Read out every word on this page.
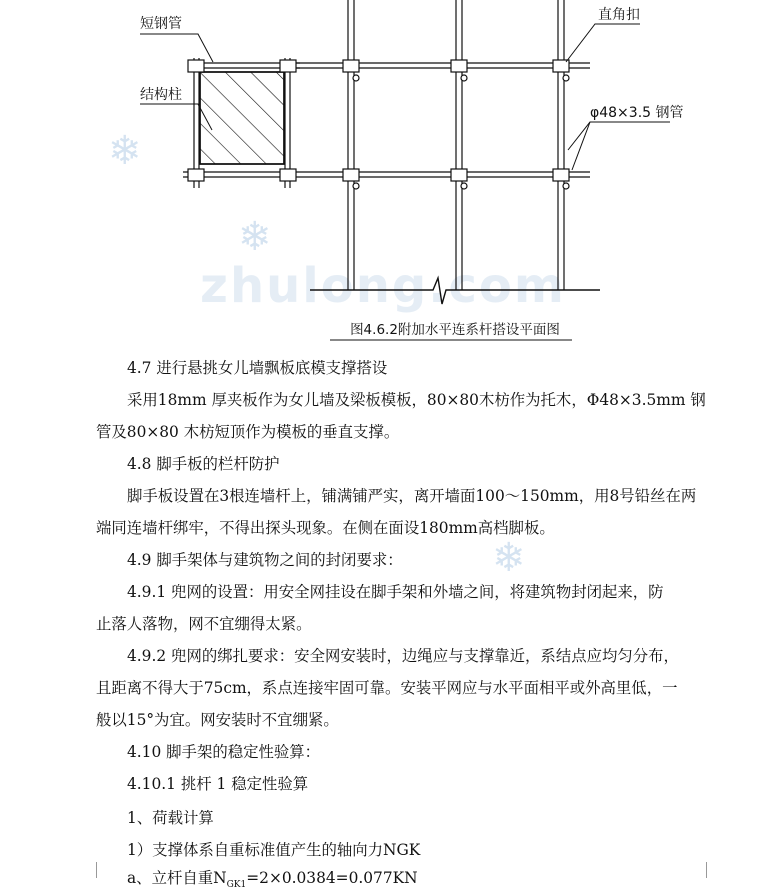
❄
❄
❄
zhulong.com
短钢管
结构柱
直角扣
φ48×3.5 钢管
图4.6.2附加水平连系杆搭设平面图
4.7 进行悬挑女儿墙飘板底模支撑搭设
采用18mm 厚夹板作为女儿墙及梁板模板，80×80木枋作为托木，Φ48×3.5mm 钢
管及80×80 木枋短顶作为模板的垂直支撑。
4.8 脚手板的栏杆防护
脚手板设置在3根连墙杆上，铺满铺严实，离开墙面100～150mm，用8号铅丝在两
端同连墙杆绑牢，不得出探头现象。在侧在面设180mm高档脚板。
4.9 脚手架体与建筑物之间的封闭要求：
4.9.1 兜网的设置：用安全网挂设在脚手架和外墙之间，将建筑物封闭起来，防
止落人落物，网不宜绷得太紧。
4.9.2 兜网的绑扎要求：安全网安装时，边绳应与支撑靠近，系结点应均匀分布，
且距离不得大于75cm，系点连接牢固可靠。安装平网应与水平面相平或外高里低，一
般以15°为宜。网安装时不宜绷紧。
4.10 脚手架的稳定性验算：
4.10.1 挑杆 1 稳定性验算
1、荷载计算
1）支撑体系自重标准值产生的轴向力NGK
a、立杆自重$N_{GK1}=2\times 0.0384=0.077KN$
